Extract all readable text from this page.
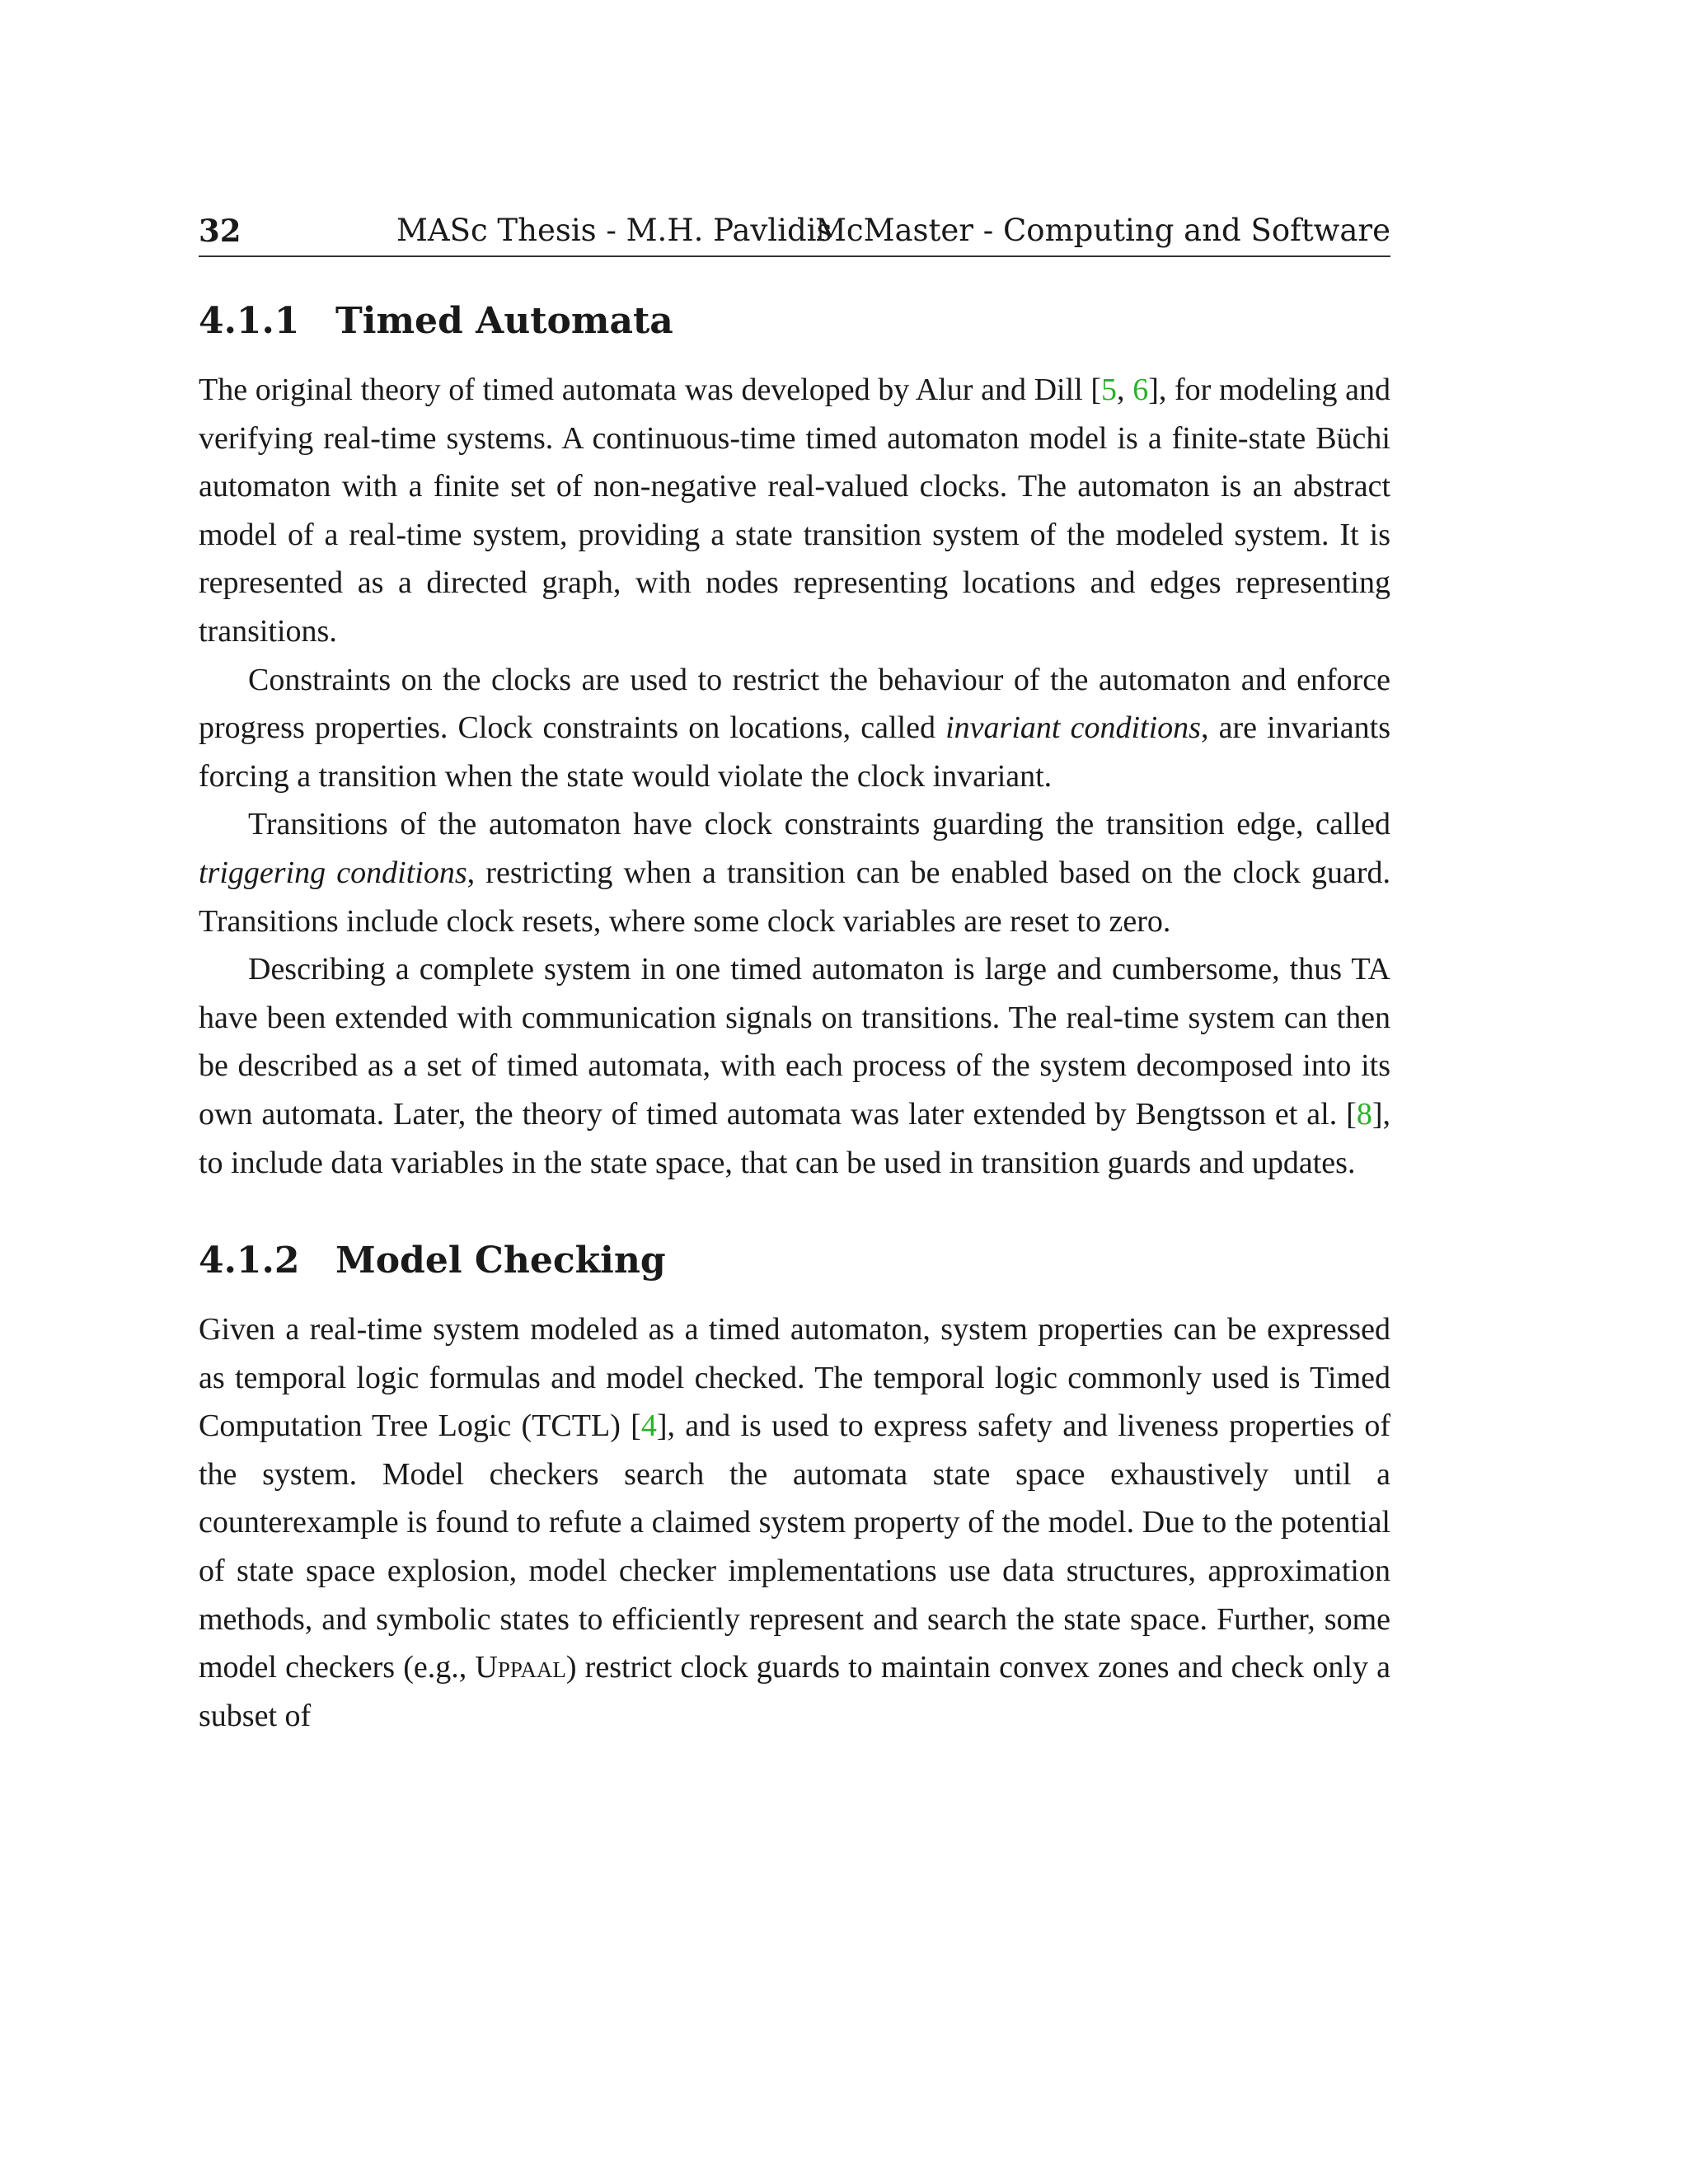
32	MASc Thesis - M.H. Pavlidis
McMaster - Computing and Software
4.1.1 Timed Automata

The original theory of timed automata was developed by Alur and Dill [5, 6], for modeling and verifying real-time systems. A continuous-time timed automaton model is a finite-state Büchi automaton with a finite set of non-negative real-valued clocks. The automaton is an abstract model of a real-time system, providing a state transition system of the modeled system. It is represented as a directed graph, with nodes representing locations and edges representing transitions.

Constraints on the clocks are used to restrict the behaviour of the automaton and enforce progress properties. Clock constraints on locations, called invariant conditions, are invariants forcing a transition when the state would violate the clock invariant.

Transitions of the automaton have clock constraints guarding the transition edge, called triggering conditions, restricting when a transition can be enabled based on the clock guard. Transitions include clock resets, where some clock variables are reset to zero.

Describing a complete system in one timed automaton is large and cumbersome, thus TA have been extended with communication signals on transitions. The real-time system can then be described as a set of timed automata, with each process of the system decomposed into its own automata. Later, the theory of timed automata was later extended by Bengtsson et al. [8], to include data variables in the state space, that can be used in transition guards and updates.

4.1.2 Model Checking

Given a real-time system modeled as a timed automaton, system properties can be expressed as temporal logic formulas and model checked. The temporal logic commonly used is Timed Computation Tree Logic (TCTL) [4], and is used to express safety and liveness properties of the system. Model checkers search the automata state space exhaustively until a counterexample is found to refute a claimed system property of the model. Due to the potential of state space explosion, model checker implementations use data structures, approximation methods, and symbolic states to efficiently represent and search the state space. Further, some model checkers (e.g., Uppaal) restrict clock guards to maintain convex zones and check only a subset of
